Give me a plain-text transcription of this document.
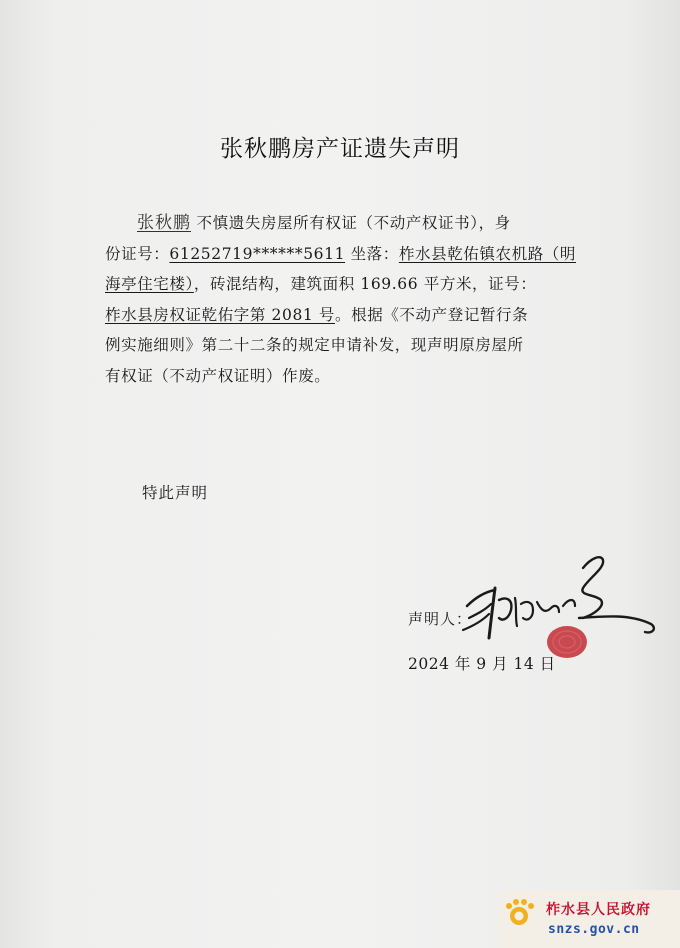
张秋鹏房产证遗失声明
张秋鹏 不慎遗失房屋所有权证（不动产权证书），身
份证号：61252719******5611 坐落：柞水县乾佑镇农机路（明
海亭住宅楼），砖混结构，建筑面积 169.66 平方米，证号：
柞水县房权证乾佑字第 2081 号。根据《不动产登记暂行条
例实施细则》第二十二条的规定申请补发，现声明原房屋所
有权证（不动产权证明）作废。
特此声明
声明人：
2024 年 9 月 14 日
柞水县人民政府
snzs.gov.cn
